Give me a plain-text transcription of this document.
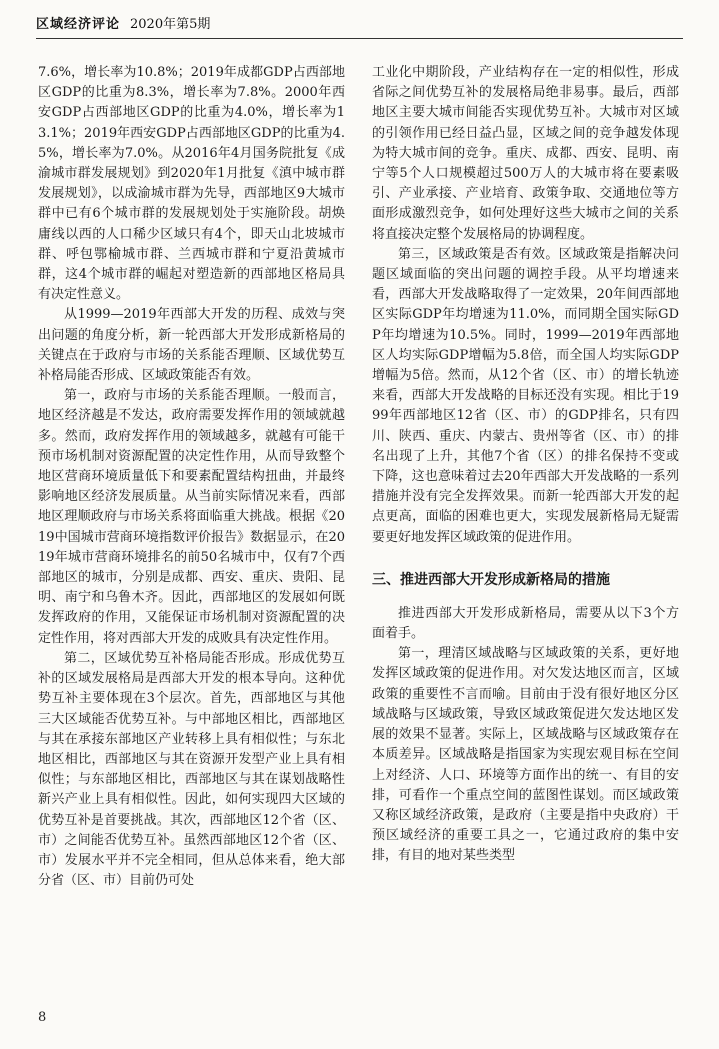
区域经济评论 2020年第5期

7.6%，增长率为10.8%；2019年成都GDP占西部地区GDP的比重为8.3%，增长率为7.8%。2000年西安GDP占西部地区GDP的比重为4.0%，增长率为13.1%；2019年西安GDP占西部地区GDP的比重为4.5%，增长率为7.0%。从2016年4月国务院批复《成渝城市群发展规划》到2020年1月批复《滇中城市群发展规划》，以成渝城市群为先导，西部地区9大城市群中已有6个城市群的发展规划处于实施阶段。胡焕庸线以西的人口稀少区域只有4个，即天山北坡城市群、呼包鄂榆城市群、兰西城市群和宁夏沿黄城市群，这4个城市群的崛起对塑造新的西部地区格局具有决定性意义。

从1999—2019年西部大开发的历程、成效与突出问题的角度分析，新一轮西部大开发形成新格局的关键点在于政府与市场的关系能否理顺、区域优势互补格局能否形成、区域政策能否有效。

第一，政府与市场的关系能否理顺。一般而言，地区经济越是不发达，政府需要发挥作用的领域就越多。然而，政府发挥作用的领域越多，就越有可能干预市场机制对资源配置的决定性作用，从而导致整个地区营商环境质量低下和要素配置结构扭曲，并最终影响地区经济发展质量。从当前实际情况来看，西部地区理顺政府与市场关系将面临重大挑战。根据《2019中国城市营商环境指数评价报告》数据显示，在2019年城市营商环境排名的前50名城市中，仅有7个西部地区的城市，分别是成都、西安、重庆、贵阳、昆明、南宁和乌鲁木齐。因此，西部地区的发展如何既发挥政府的作用，又能保证市场机制对资源配置的决定性作用，将对西部大开发的成败具有决定性作用。

第二，区域优势互补格局能否形成。形成优势互补的区域发展格局是西部大开发的根本导向。这种优势互补主要体现在3个层次。首先，西部地区与其他三大区域能否优势互补。与中部地区相比，西部地区与其在承接东部地区产业转移上具有相似性；与东北地区相比，西部地区与其在资源开发型产业上具有相似性；与东部地区相比，西部地区与其在谋划战略性新兴产业上具有相似性。因此，如何实现四大区域的优势互补是首要挑战。其次，西部地区12个省（区、市）之间能否优势互补。虽然西部地区12个省（区、市）发展水平并不完全相同，但从总体来看，绝大部分省（区、市）目前仍可处

工业化中期阶段，产业结构存在一定的相似性，形成省际之间优势互补的发展格局绝非易事。最后，西部地区主要大城市间能否实现优势互补。大城市对区域的引领作用已经日益凸显，区域之间的竞争越发体现为特大城市间的竞争。重庆、成都、西安、昆明、南宁等5个人口规模超过500万人的大城市将在要素吸引、产业承接、产业培育、政策争取、交通地位等方面形成激烈竞争，如何处理好这些大城市之间的关系将直接决定整个发展格局的协调程度。

第三，区域政策是否有效。区域政策是指解决问题区域面临的突出问题的调控手段。从平均增速来看，西部大开发战略取得了一定效果，20年间西部地区实际GDP年均增速为11.0%，而同期全国实际GDP年均增速为10.5%。同时，1999—2019年西部地区人均实际GDP增幅为5.8倍，而全国人均实际GDP增幅为5倍。然而，从12个省（区、市）的增长轨迹来看，西部大开发战略的目标还没有实现。相比于1999年西部地区12省（区、市）的GDP排名，只有四川、陕西、重庆、内蒙古、贵州等省（区、市）的排名出现了上升，其他7个省（区）的排名保持不变或下降，这也意味着过去20年西部大开发战略的一系列措施并没有完全发挥效果。而新一轮西部大开发的起点更高，面临的困难也更大，实现发展新格局无疑需要更好地发挥区域政策的促进作用。

三、推进西部大开发形成新格局的措施

推进西部大开发形成新格局，需要从以下3个方面着手。

第一，理清区域战略与区域政策的关系，更好地发挥区域政策的促进作用。对欠发达地区而言，区域政策的重要性不言而喻。目前由于没有很好地区分区域战略与区域政策，导致区域政策促进欠发达地区发展的效果不显著。实际上，区域战略与区域政策存在本质差异。区域战略是指国家为实现宏观目标在空间上对经济、人口、环境等方面作出的统一、有目的安排，可看作一个重点空间的蓝图性谋划。而区域政策又称区域经济政策，是政府（主要是指中央政府）干预区域经济的重要工具之一，它通过政府的集中安排，有目的地对某些类型

8
